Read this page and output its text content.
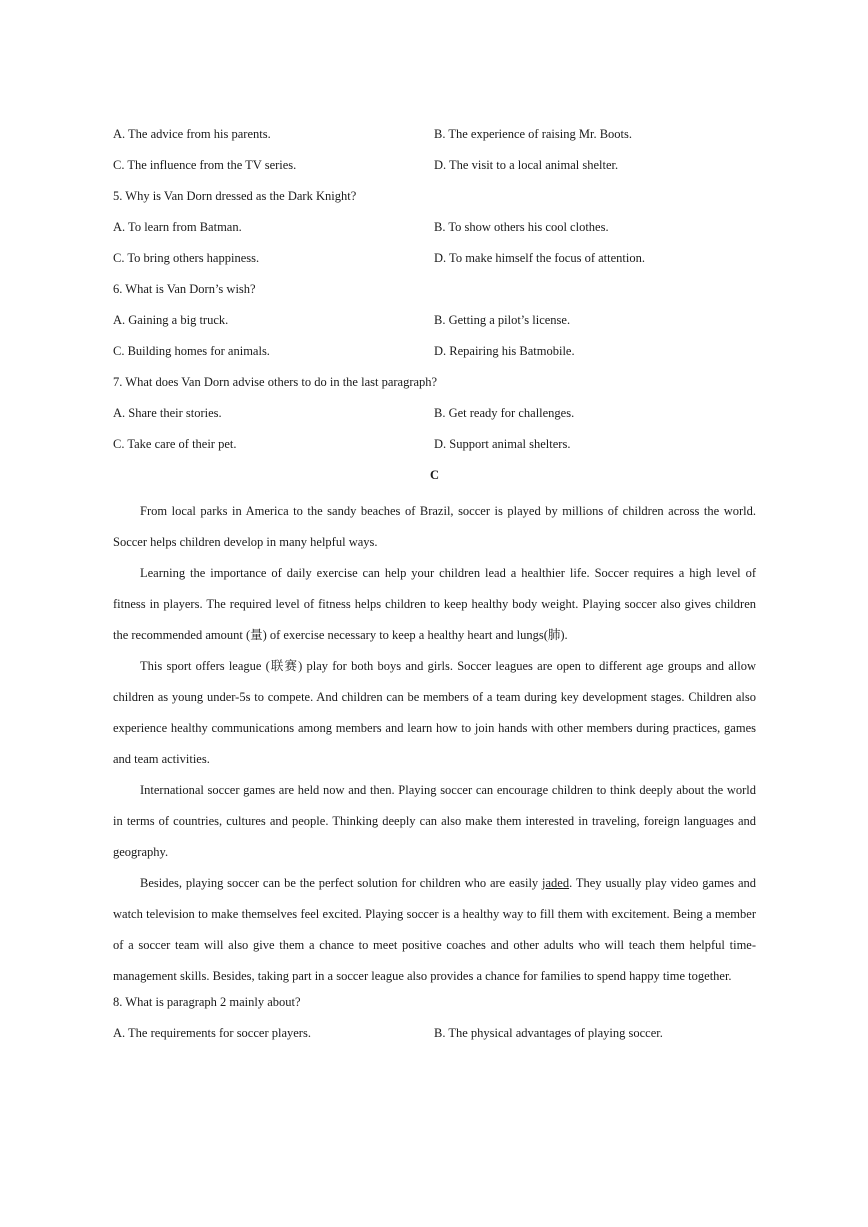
A. The advice from his parents.	B. The experience of raising Mr. Boots.
C. The influence from the TV series.	D. The visit to a local animal shelter.
5. Why is Van Dorn dressed as the Dark Knight?
A. To learn from Batman.	B. To show others his cool clothes.
C. To bring others happiness.	D. To make himself the focus of attention.
6. What is Van Dorn’s wish?
A. Gaining a big truck.	B. Getting a pilot’s license.
C. Building homes for animals.	D. Repairing his Batmobile.
7. What does Van Dorn advise others to do in the last paragraph?
A. Share their stories.	B. Get ready for challenges.
C. Take care of their pet.	D. Support animal shelters.
C

From local parks in America to the sandy beaches of Brazil, soccer is played by millions of children across the world. Soccer helps children develop in many helpful ways.

Learning the importance of daily exercise can help your children lead a healthier life. Soccer requires a high level of fitness in players. The required level of fitness helps children to keep healthy body weight. Playing soccer also gives children the recommended amount (量) of exercise necessary to keep a healthy heart and lungs(肺).

This sport offers league (联赛) play for both boys and girls. Soccer leagues are open to different age groups and allow children as young under-5s to compete. And children can be members of a team during key development stages. Children also experience healthy communications among members and learn how to join hands with other members during practices, games and team activities.

International soccer games are held now and then. Playing soccer can encourage children to think deeply about the world in terms of countries, cultures and people. Thinking deeply can also make them interested in traveling, foreign languages and geography.

Besides, playing soccer can be the perfect solution for children who are easily jaded. They usually play video games and watch television to make themselves feel excited. Playing soccer is a healthy way to fill them with excitement. Being a member of a soccer team will also give them a chance to meet positive coaches and other adults who will teach them helpful time-management skills. Besides, taking part in a soccer league also provides a chance for families to spend happy time together.

8. What is paragraph 2 mainly about?
A. The requirements for soccer players.	B. The physical advantages of playing soccer.
